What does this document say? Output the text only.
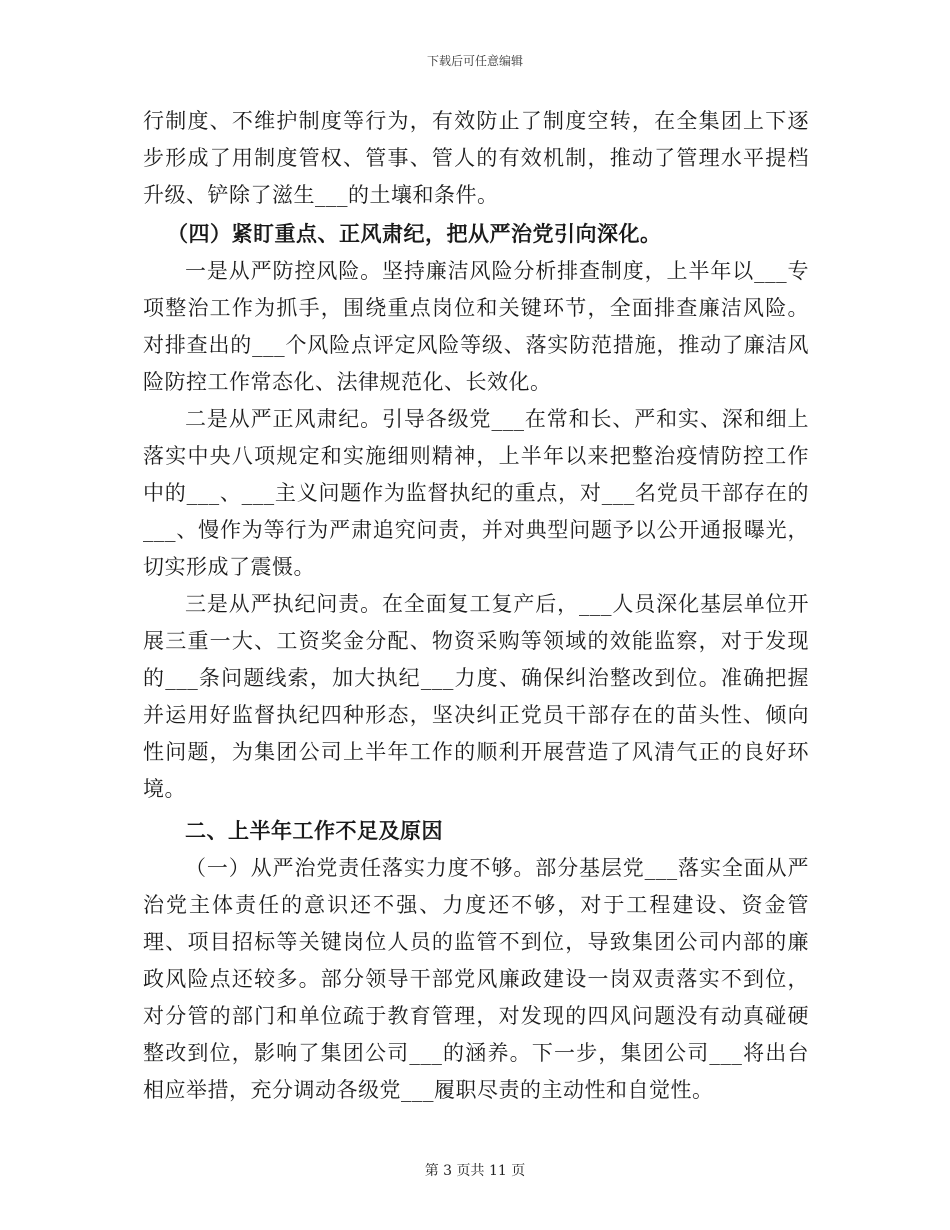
下载后可任意编辑

行制度、不维护制度等行为，有效防止了制度空转，在全集团上下逐步形成了用制度管权、管事、管人的有效机制，推动了管理水平提档升级、铲除了滋生___的土壤和条件。

（四）紧盯重点、正风肃纪，把从严治党引向深化。

一是从严防控风险。坚持廉洁风险分析排查制度，上半年以___专项整治工作为抓手，围绕重点岗位和关键环节，全面排查廉洁风险。对排查出的___个风险点评定风险等级、落实防范措施，推动了廉洁风险防控工作常态化、法律规范化、长效化。

二是从严正风肃纪。引导各级党___在常和长、严和实、深和细上落实中央八项规定和实施细则精神，上半年以来把整治疫情防控工作中的___、___主义问题作为监督执纪的重点，对___名党员干部存在的___、慢作为等行为严肃追究问责，并对典型问题予以公开通报曝光，切实形成了震慑。

三是从严执纪问责。在全面复工复产后，___人员深化基层单位开展三重一大、工资奖金分配、物资采购等领域的效能监察，对于发现的___条问题线索，加大执纪___力度、确保纠治整改到位。准确把握并运用好监督执纪四种形态，坚决纠正党员干部存在的苗头性、倾向性问题，为集团公司上半年工作的顺利开展营造了风清气正的良好环境。

二、上半年工作不足及原因

（一）从严治党责任落实力度不够。部分基层党___落实全面从严治党主体责任的意识还不强、力度还不够，对于工程建设、资金管理、项目招标等关键岗位人员的监管不到位，导致集团公司内部的廉政风险点还较多。部分领导干部党风廉政建设一岗双责落实不到位，对分管的部门和单位疏于教育管理，对发现的四风问题没有动真碰硬整改到位，影响了集团公司___的涵养。下一步，集团公司___将出台相应举措，充分调动各级党___履职尽责的主动性和自觉性。

第 3 页共 11 页
